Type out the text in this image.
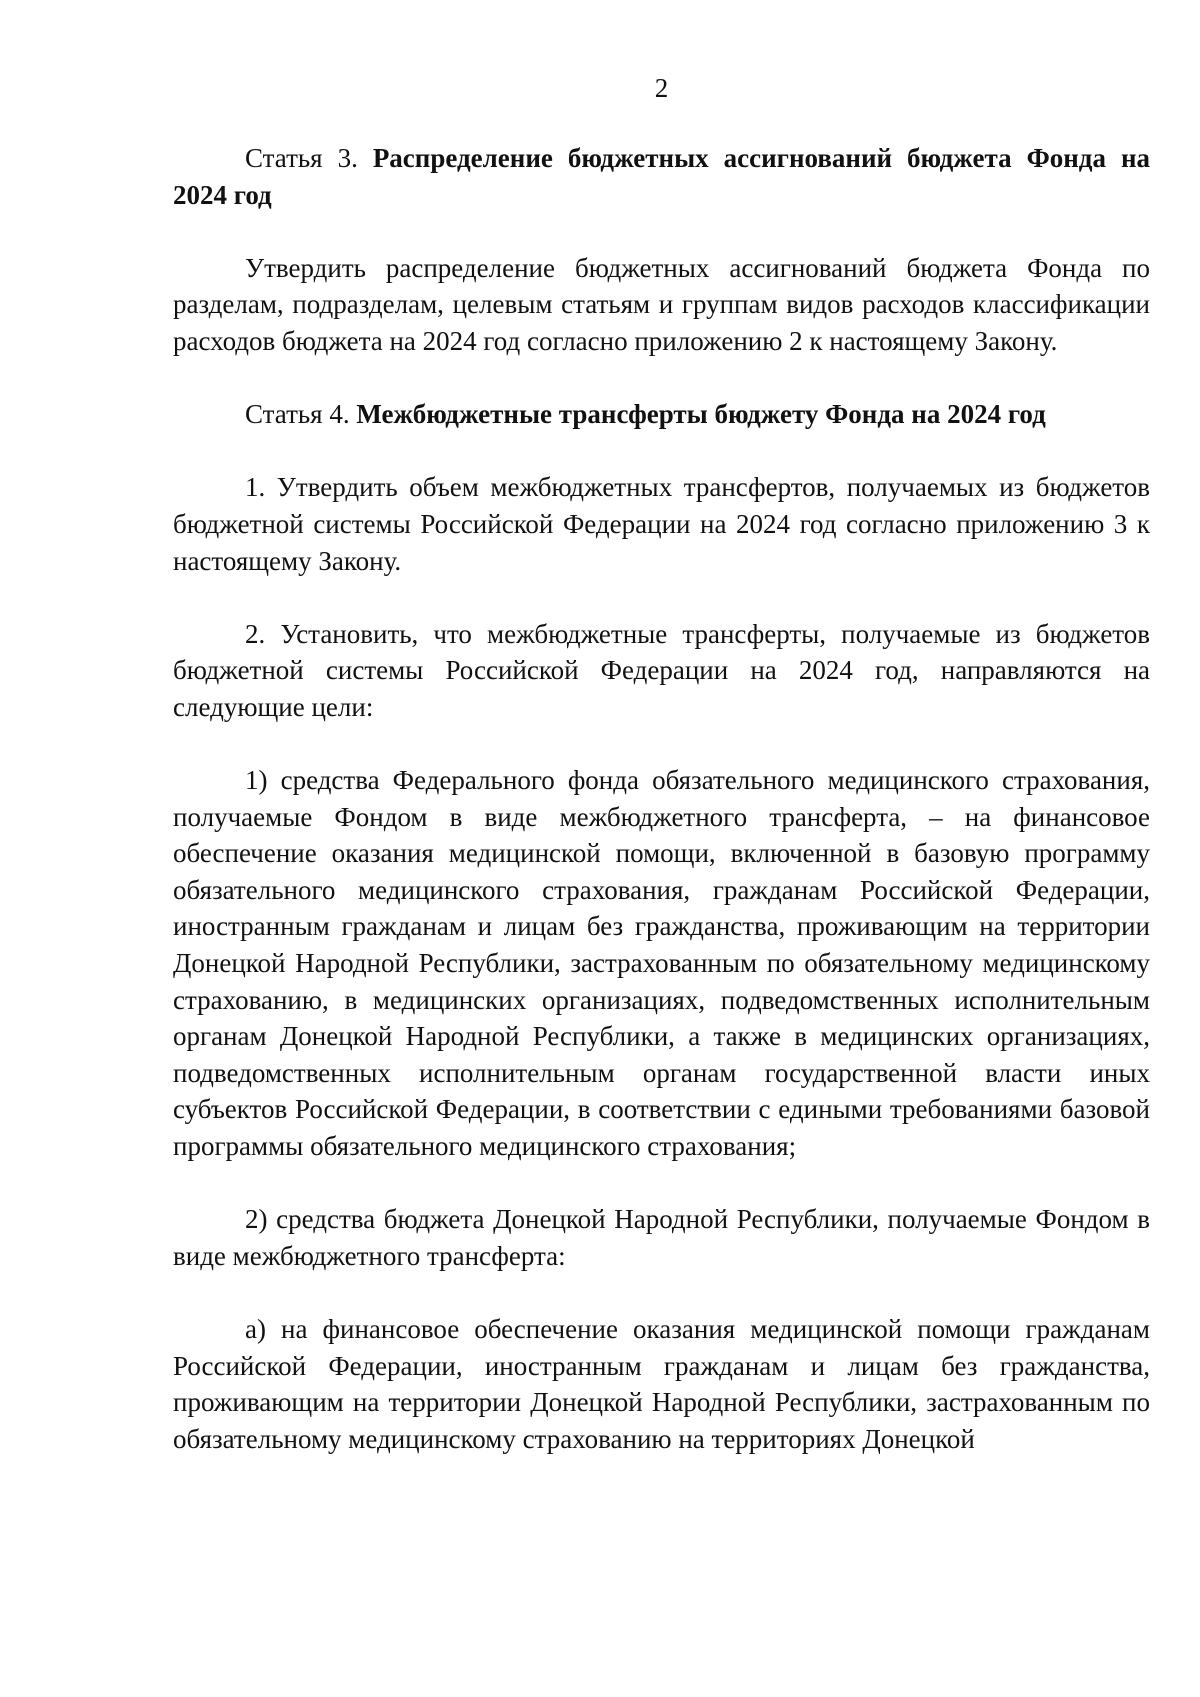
2

Статья 3. Распределение бюджетных ассигнований бюджета Фонда на 2024 год

Утвердить распределение бюджетных ассигнований бюджета Фонда по разделам, подразделам, целевым статьям и группам видов расходов классификации расходов бюджета на 2024 год согласно приложению 2 к настоящему Закону.

Статья 4. Межбюджетные трансферты бюджету Фонда на 2024 год

1. Утвердить объем межбюджетных трансфертов, получаемых из бюджетов бюджетной системы Российской Федерации на 2024 год согласно приложению 3 к настоящему Закону.

2. Установить, что межбюджетные трансферты, получаемые из бюджетов бюджетной системы Российской Федерации на 2024 год, направляются на следующие цели:

1) средства Федерального фонда обязательного медицинского страхования, получаемые Фондом в виде межбюджетного трансферта, – на финансовое обеспечение оказания медицинской помощи, включенной в базовую программу обязательного медицинского страхования, гражданам Российской Федерации, иностранным гражданам и лицам без гражданства, проживающим на территории Донецкой Народной Республики, застрахованным по обязательному медицинскому страхованию, в медицинских организациях, подведомственных исполнительным органам Донецкой Народной Республики, а также в медицинских организациях, подведомственных исполнительным органам государственной власти иных субъектов Российской Федерации, в соответствии с едиными требованиями базовой программы обязательного медицинского страхования;

2) средства бюджета Донецкой Народной Республики, получаемые Фондом в виде межбюджетного трансферта:

а) на финансовое обеспечение оказания медицинской помощи гражданам Российской Федерации, иностранным гражданам и лицам без гражданства, проживающим на территории Донецкой Народной Республики, застрахованным по обязательному медицинскому страхованию на территориях Донецкой
